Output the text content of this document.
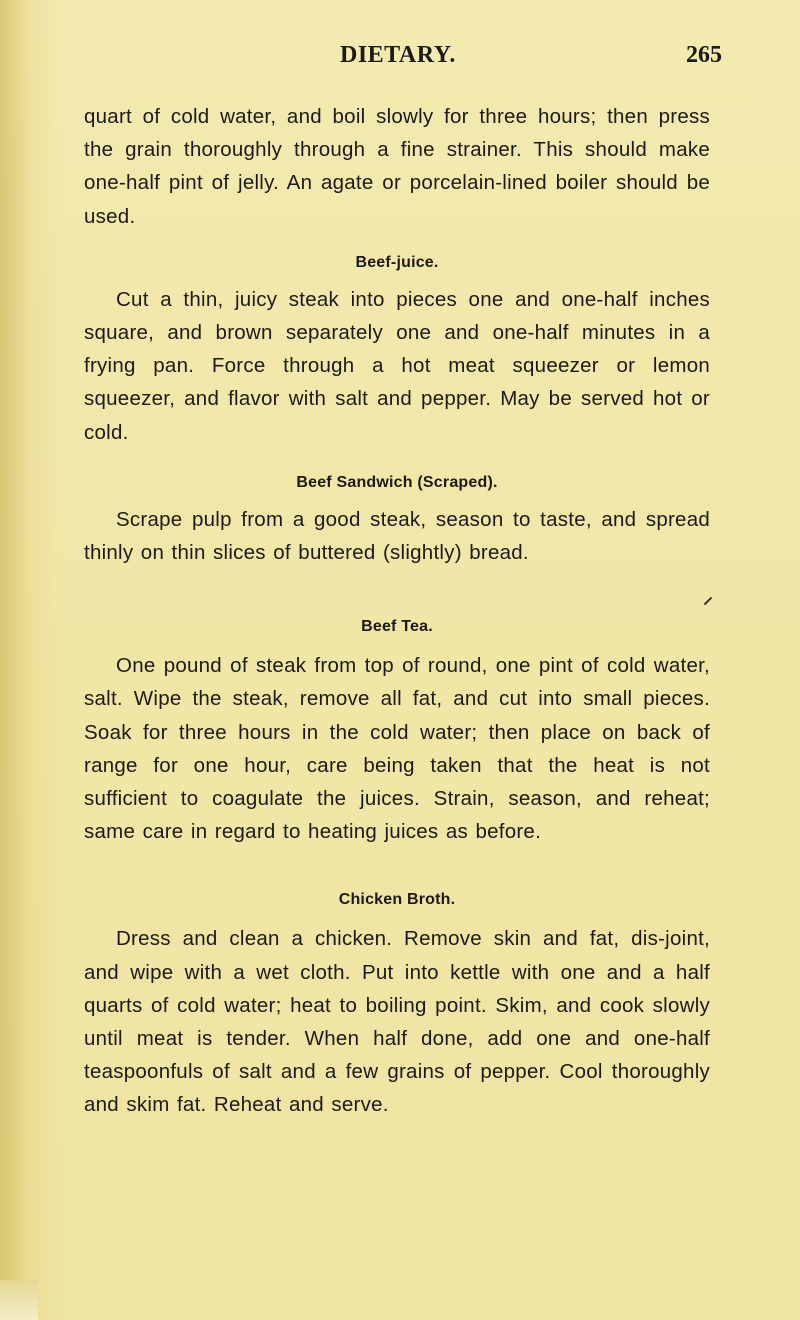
DIETARY.	265

quart of cold water, and boil slowly for three hours; then press the grain thoroughly through a fine strainer. This should make one-half pint of jelly. An agate or porcelain-lined boiler should be used.

Beef-juice.

Cut a thin, juicy steak into pieces one and one-half inches square, and brown separately one and one-half minutes in a frying pan. Force through a hot meat squeezer or lemon squeezer, and flavor with salt and pepper. May be served hot or cold.

Beef Sandwich (Scraped).

Scrape pulp from a good steak, season to taste, and spread thinly on thin slices of buttered (slightly) bread.

Beef Tea.

One pound of steak from top of round, one pint of cold water, salt. Wipe the steak, remove all fat, and cut into small pieces. Soak for three hours in the cold water; then place on back of range for one hour, care being taken that the heat is not sufficient to coagulate the juices. Strain, season, and reheat; same care in regard to heating juices as before.

Chicken Broth.

Dress and clean a chicken. Remove skin and fat, dis-joint, and wipe with a wet cloth. Put into kettle with one and a half quarts of cold water; heat to boiling point. Skim, and cook slowly until meat is tender. When half done, add one and one-half teaspoonfuls of salt and a few grains of pepper. Cool thoroughly and skim fat. Reheat and serve.
